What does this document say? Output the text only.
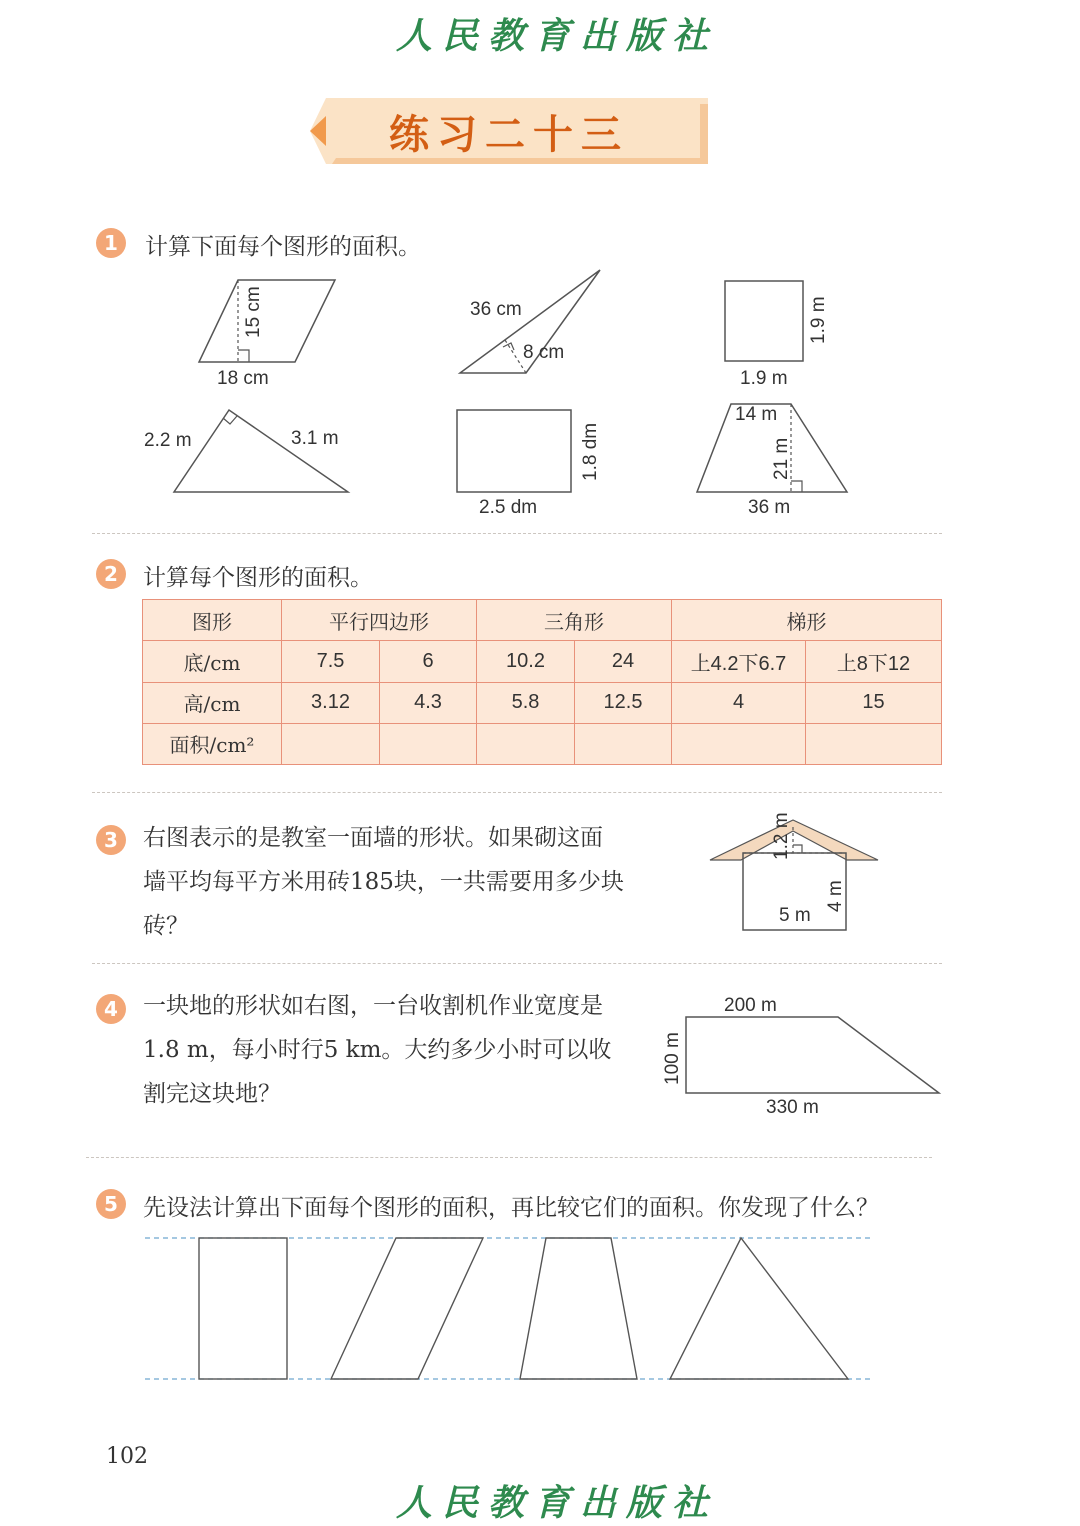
人民教育出版社
练习二十三
1	计算下面每个图形的面积。
15 cm
18 cm
36 cm
8 cm
1.9 m
1.9 m
2.2 m	3.1 m	1.8 dm
2.5 dm
14 m
21 m
36 m
2	计算每个图形的面积。
图形	平行四边形		三角形		梯形	
底/cm	7.5	6	10.2	24	上4.2下6.7	上8下12
高/cm	3.12	4.3	5.8	12.5	4	15
面积/cm²						
3	右图表示的是教室一面墙的形状。如果砌这面墙平均每平方米用砖185块，一共需要用多少块砖？
1.2 m
5 m
4 m
4	一块地的形状如右图，一台收割机作业宽度是1.8 m，每小时行5 km。大约多少小时可以收割完这块地？
200 m
100 m
330 m
5	先设法计算出下面每个图形的面积，再比较它们的面积。你发现了什么？
102
人民教育出版社
